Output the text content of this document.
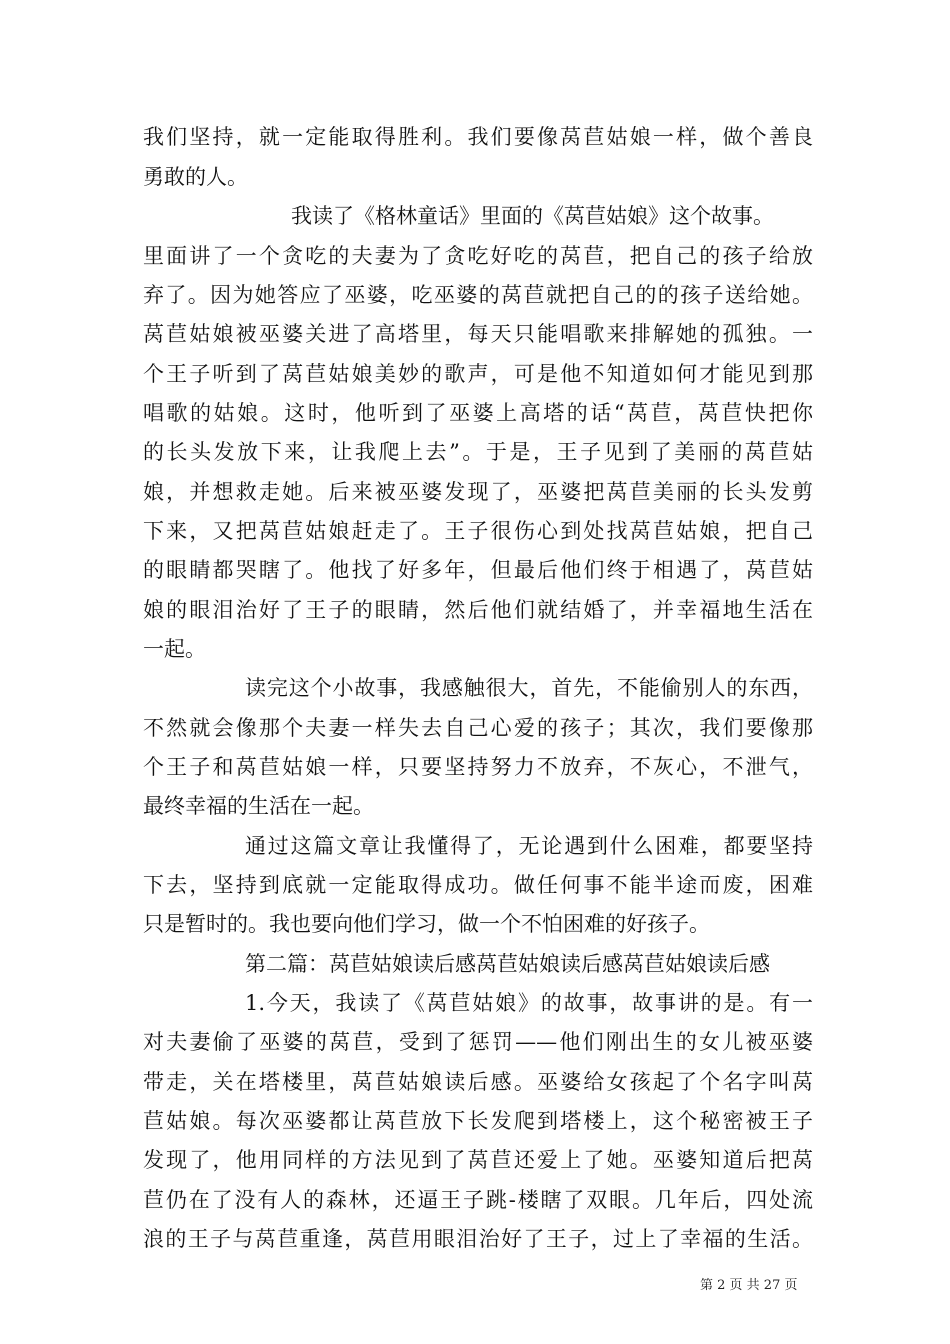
我们坚持，就一定能取得胜利。我们要像莴苣姑娘一样，做个善良
勇敢的人。
我读了《格林童话》里面的《莴苣姑娘》这个故事。
里面讲了一个贪吃的夫妻为了贪吃好吃的莴苣，把自己的孩子给放
弃了。因为她答应了巫婆，吃巫婆的莴苣就把自己的的孩子送给她。
莴苣姑娘被巫婆关进了高塔里，每天只能唱歌来排解她的孤独。一
个王子听到了莴苣姑娘美妙的歌声，可是他不知道如何才能见到那
唱歌的姑娘。这时，他听到了巫婆上高塔的话“莴苣，莴苣快把你
的长头发放下来，让我爬上去”。于是，王子见到了美丽的莴苣姑
娘，并想救走她。后来被巫婆发现了，巫婆把莴苣美丽的长头发剪
下来，又把莴苣姑娘赶走了。王子很伤心到处找莴苣姑娘，把自己
的眼睛都哭瞎了。他找了好多年，但最后他们终于相遇了，莴苣姑
娘的眼泪治好了王子的眼睛，然后他们就结婚了，并幸福地生活在
一起。
读完这个小故事，我感触很大，首先，不能偷别人的东西，
不然就会像那个夫妻一样失去自己心爱的孩子；其次，我们要像那
个王子和莴苣姑娘一样，只要坚持努力不放弃，不灰心，不泄气，
最终幸福的生活在一起。
通过这篇文章让我懂得了，无论遇到什么困难，都要坚持
下去，坚持到底就一定能取得成功。做任何事不能半途而废，困难
只是暂时的。我也要向他们学习，做一个不怕困难的好孩子。
第二篇：莴苣姑娘读后感莴苣姑娘读后感莴苣姑娘读后感
1.今天，我读了《莴苣姑娘》的故事，故事讲的是。有一
对夫妻偷了巫婆的莴苣，受到了惩罚——他们刚出生的女儿被巫婆
带走，关在塔楼里，莴苣姑娘读后感。巫婆给女孩起了个名字叫莴
苣姑娘。每次巫婆都让莴苣放下长发爬到塔楼上，这个秘密被王子
发现了，他用同样的方法见到了莴苣还爱上了她。巫婆知道后把莴
苣仍在了没有人的森林，还逼王子跳-楼瞎了双眼。几年后，四处流
浪的王子与莴苣重逢，莴苣用眼泪治好了王子，过上了幸福的生活。
第 2 页 共 27 页
